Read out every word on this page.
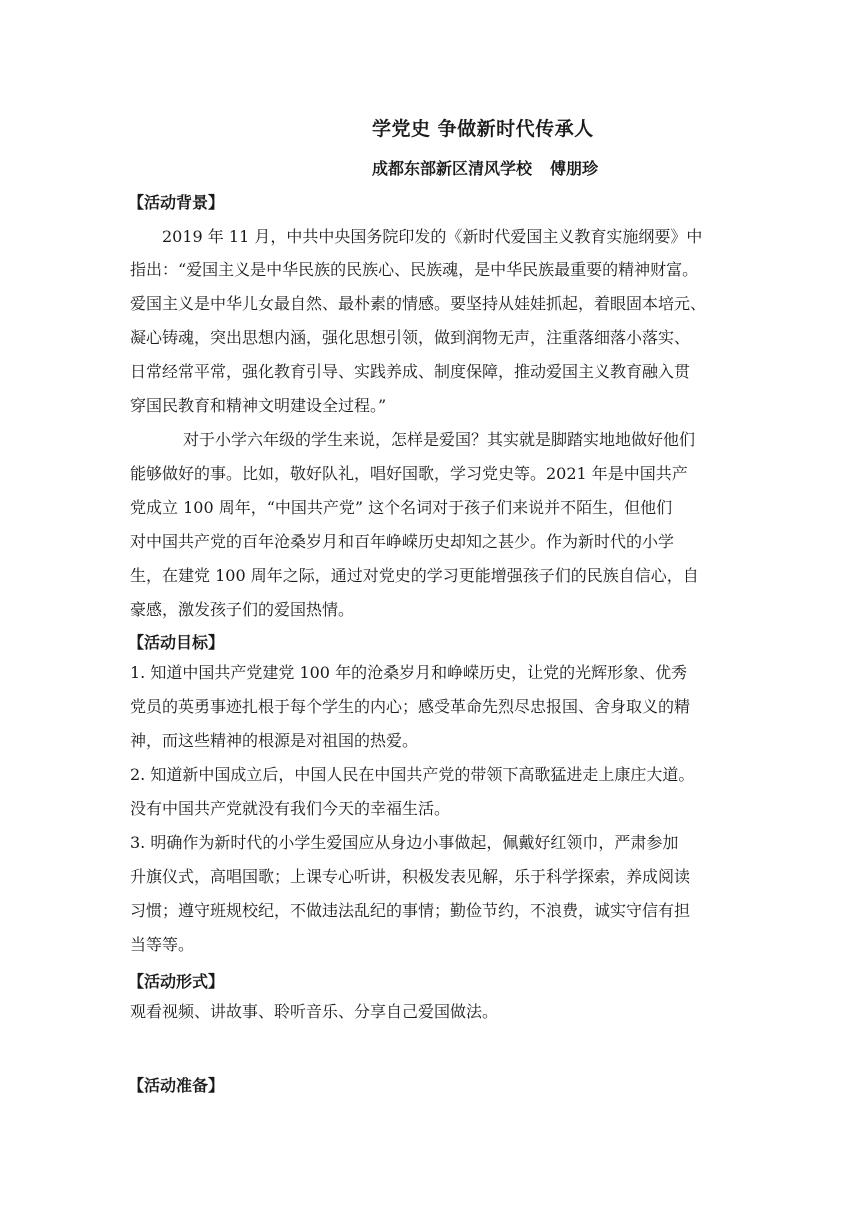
学党史 争做新时代传承人
成都东部新区清风学校 傅朋珍
【活动背景】
2019 年 11 月，中共中央国务院印发的《新时代爱国主义教育实施纲要》中
指出：“爱国主义是中华民族的民族心、民族魂，是中华民族最重要的精神财富。
爱国主义是中华儿女最自然、最朴素的情感。要坚持从娃娃抓起，着眼固本培元、
凝心铸魂，突出思想内涵，强化思想引领，做到润物无声，注重落细落小落实、
日常经常平常，强化教育引导、实践养成、制度保障，推动爱国主义教育融入贯
穿国民教育和精神文明建设全过程。”
对于小学六年级的学生来说，怎样是爱国？其实就是脚踏实地地做好他们
能够做好的事。比如，敬好队礼，唱好国歌，学习党史等。2021 年是中国共产
党成立 100 周年，“中国共产党” 这个名词对于孩子们来说并不陌生，但他们
对中国共产党的百年沧桑岁月和百年峥嵘历史却知之甚少。作为新时代的小学
生，在建党 100 周年之际，通过对党史的学习更能增强孩子们的民族自信心，自
豪感，激发孩子们的爱国热情。
【活动目标】
1. 知道中国共产党建党 100 年的沧桑岁月和峥嵘历史，让党的光辉形象、优秀
党员的英勇事迹扎根于每个学生的内心；感受革命先烈尽忠报国、舍身取义的精
神，而这些精神的根源是对祖国的热爱。
2. 知道新中国成立后，中国人民在中国共产党的带领下高歌猛进走上康庄大道。
没有中国共产党就没有我们今天的幸福生活。
3. 明确作为新时代的小学生爱国应从身边小事做起，佩戴好红领巾，严肃参加
升旗仪式，高唱国歌；上课专心听讲，积极发表见解，乐于科学探索，养成阅读
习惯；遵守班规校纪，不做违法乱纪的事情；勤俭节约，不浪费，诚实守信有担
当等等。
【活动形式】
观看视频、讲故事、聆听音乐、分享自己爱国做法。
【活动准备】
